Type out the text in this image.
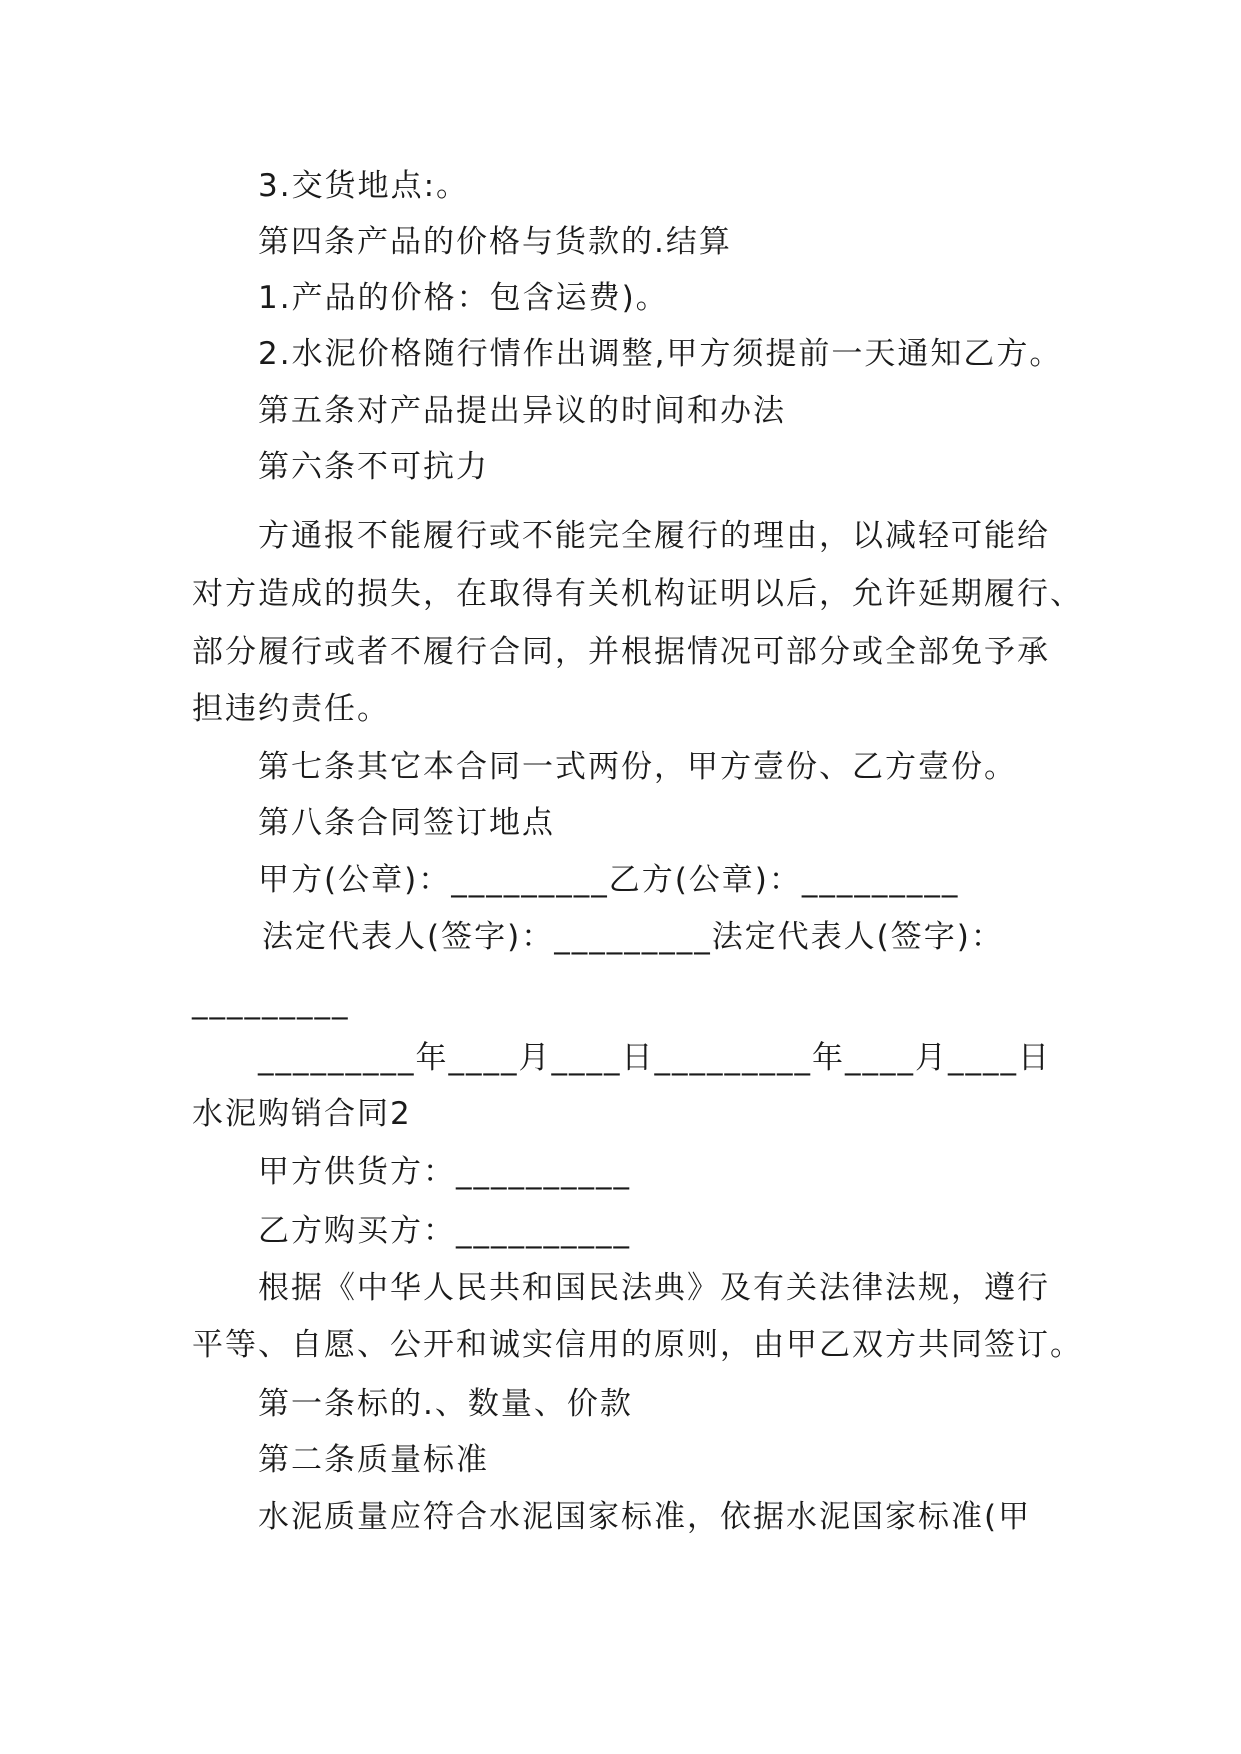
3.交货地点:。
第四条产品的价格与货款的.结算
1.产品的价格：包含运费)。
2.水泥价格随行情作出调整,甲方须提前一天通知乙方。
第五条对产品提出异议的时间和办法
第六条不可抗力
方通报不能履行或不能完全履行的理由，以减轻可能给
对方造成的损失，在取得有关机构证明以后，允许延期履行、
部分履行或者不履行合同，并根据情况可部分或全部免予承
担违约责任。
第七条其它本合同一式两份，甲方壹份、乙方壹份。
第八条合同签订地点
甲方(公章)：_________乙方(公章)：_________
法定代表人(签字)：_________法定代表人(签字)：
_________
_________年____月____日_________年____月____日
水泥购销合同2
甲方供货方：__________
乙方购买方：__________
根据《中华人民共和国民法典》及有关法律法规，遵行
平等、自愿、公开和诚实信用的原则，由甲乙双方共同签订。
第一条标的.、数量、价款
第二条质量标准
水泥质量应符合水泥国家标准，依据水泥国家标准(甲
